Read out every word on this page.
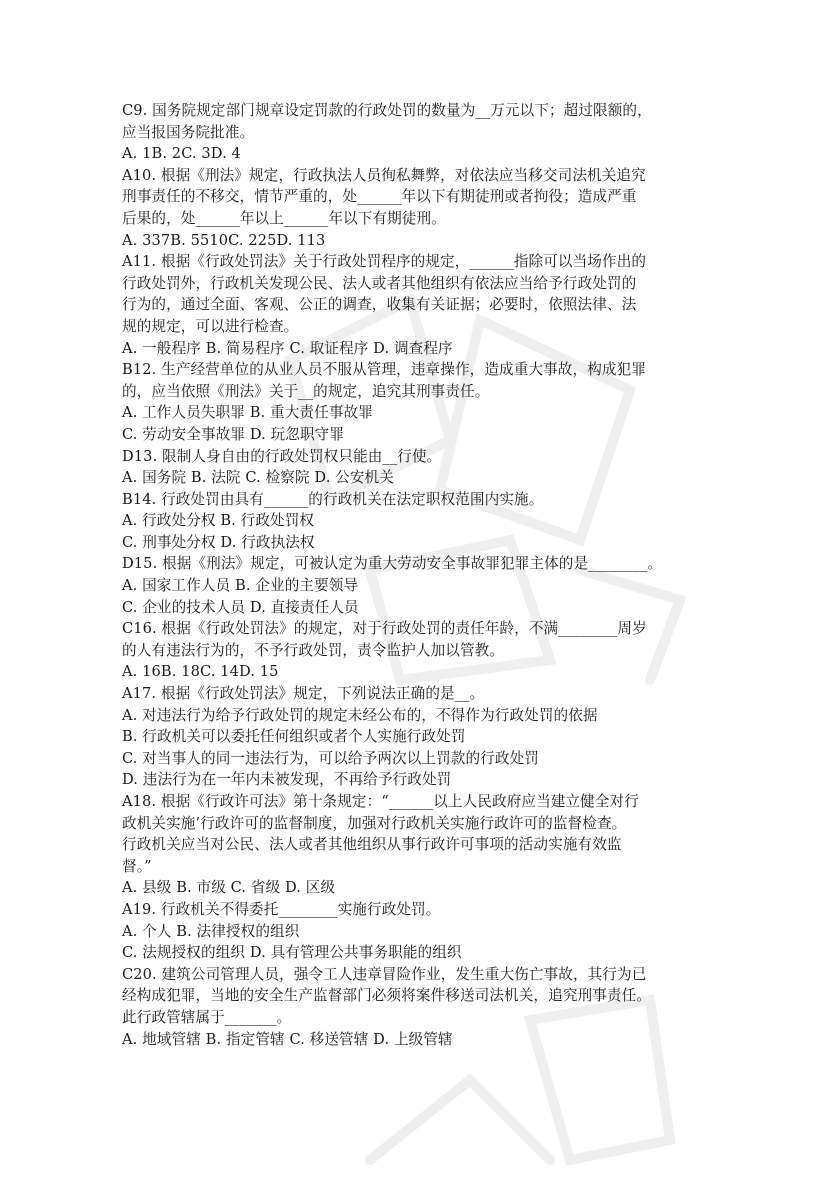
C9. 国务院规定部门规章设定罚款的行政处罚的数量为__万元以下；超过限额的，
应当报国务院批准。
A. 1B. 2C. 3D. 4
A10. 根据《刑法》规定，行政执法人员徇私舞弊，对依法应当移交司法机关追究
刑事责任的不移交，情节严重的，处______年以下有期徒刑或者拘役；造成严重
后果的，处______年以上______年以下有期徒刑。
A. 337B. 5510C. 225D. 113
A11. 根据《行政处罚法》关于行政处罚程序的规定，______指除可以当场作出的
行政处罚外，行政机关发现公民、法人或者其他组织有依法应当给予行政处罚的
行为的，通过全面、客观、公正的调查，收集有关证据；必要时，依照法律、法
规的规定，可以进行检查。
A. 一般程序 B. 简易程序 C. 取证程序 D. 调查程序
B12. 生产经营单位的从业人员不服从管理，违章操作，造成重大事故，构成犯罪
的，应当依照《刑法》关于__的规定，追究其刑事责任。
A. 工作人员失职罪 B. 重大责任事故罪
C. 劳动安全事故罪 D. 玩忽职守罪
D13. 限制人身自由的行政处罚权只能由__行使。
A. 国务院 B. 法院 C. 检察院 D. 公安机关
B14. 行政处罚由具有______的行政机关在法定职权范围内实施。
A. 行政处分权 B. 行政处罚权
C. 刑事处分权 D. 行政执法权
D15. 根据《刑法》规定，可被认定为重大劳动安全事故罪犯罪主体的是________。
A. 国家工作人员 B. 企业的主要领导
C. 企业的技术人员 D. 直接责任人员
C16. 根据《行政处罚法》的规定，对于行政处罚的责任年龄，不满________周岁
的人有违法行为的，不予行政处罚，责令监护人加以管教。
A. 16B. 18C. 14D. 15
A17. 根据《行政处罚法》规定，下列说法正确的是__。
A. 对违法行为给予行政处罚的规定未经公布的，不得作为行政处罚的依据
B. 行政机关可以委托任何组织或者个人实施行政处罚
C. 对当事人的同一违法行为，可以给予两次以上罚款的行政处罚
D. 违法行为在一年内未被发现，不再给予行政处罚
A18. 根据《行政许可法》第十条规定：“______以上人民政府应当建立健全对行
政机关实施’行政许可的监督制度，加强对行政机关实施行政许可的监督检查。
行政机关应当对公民、法人或者其他组织从事行政许可事项的活动实施有效监
督。”
A. 县级 B. 市级 C. 省级 D. 区级
A19. 行政机关不得委托________实施行政处罚。
A. 个人 B. 法律授权的组织
C. 法规授权的组织 D. 具有管理公共事务职能的组织
C20. 建筑公司管理人员，强令工人违章冒险作业，发生重大伤亡事故，其行为已
经构成犯罪，当地的安全生产监督部门必须将案件移送司法机关，追究刑事责任。
此行政管辖属于_______。
A. 地域管辖 B. 指定管辖 C. 移送管辖 D. 上级管辖
